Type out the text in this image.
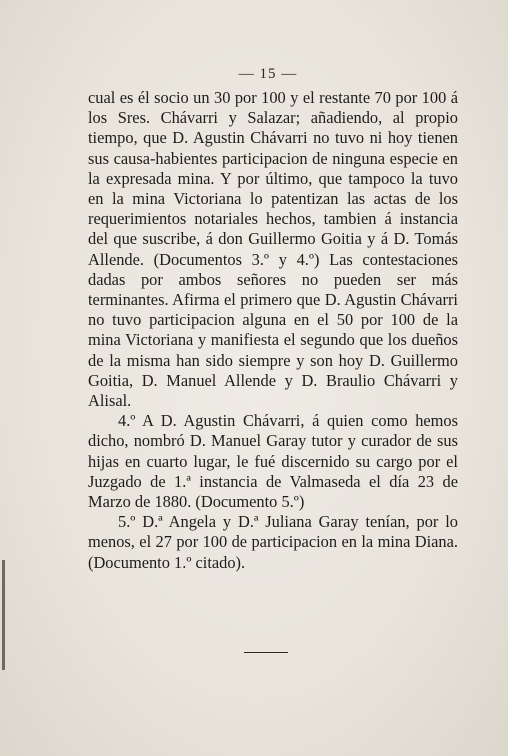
— 15 —

cual es él socio un 30 por 100 y el restante 70 por 100 á los Sres. Chávarri y Salazar; añadiendo, al propio tiempo, que D. Agustin Chávarri no tuvo ni hoy tienen sus causa-habientes participacion de ninguna especie en la expresada mina. Y por último, que tampoco la tuvo en la mina Victoriana lo patentizan las actas de los requerimientos notariales hechos, tambien á instancia del que suscribe, á don Guillermo Goitia y á D. Tomás Allende. (Documentos 3.º y 4.º) Las contestaciones dadas por ambos señores no pueden ser más terminantes. Afirma el primero que D. Agustin Chávarri no tuvo participacion alguna en el 50 por 100 de la mina Victoriana y manifiesta el segundo que los dueños de la misma han sido siempre y son hoy D. Guillermo Goitia, D. Manuel Allende y D. Braulio Chávarri y Alisal.

4.º A D. Agustin Chávarri, á quien como hemos dicho, nombró D. Manuel Garay tutor y curador de sus hijas en cuarto lugar, le fué discernido su cargo por el Juzgado de 1.ª instancia de Valmaseda el día 23 de Marzo de 1880. (Documento 5.º)

5.º D.ª Angela y D.ª Juliana Garay tenían, por lo menos, el 27 por 100 de participacion en la mina Diana. (Documento 1.º citado).
